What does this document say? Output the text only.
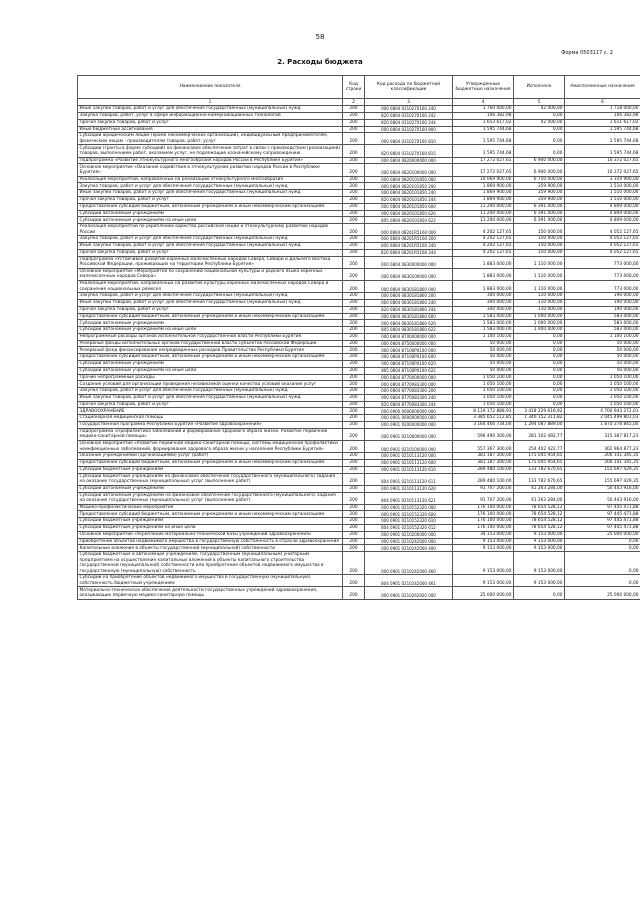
58
Форма 0503117 с. 2
2. Расходы бюджета
Наименование показателя	Код строки	Код расхода по бюджетной классификации	Утвержденные бюджетные назначения	Исполнено	Неисполненные назначения
1	2	3	4	5	6
Иные закупки товаров, работ и услуг для обеспечения государственных (муниципальных) нужд	200	000 0804 0310270160 240	1 760 000,00	42 000,00	1 718 000,00
Закупка товаров, работ, услуг в сфере информационно-коммуникационных технологий	200	820 0804 0310270160 242	106 382,98	0,00	106 382,98
Прочая закупка товаров, работ и услуг	200	820 0804 0310270160 244	1 653 617,02	42 000,00	1 611 617,02
Иные бюджетные ассигнования	200	000 0804 0310270160 800	1 595 744,68	0,00	1 595 744,68
Субсидии юридическим лицам (кроме некоммерческих организаций), индивидуальным предпринимателям, физическим лицам - производителям товаров, работ, услуг	200	000 0804 0310270160 810	1 595 744,68	0,00	1 595 744,68
Субсидии (гранты в форме субсидий) на финансовое обеспечение затрат в связи с производством (реализацией) товаров, выполнением работ, оказанием услуг, не подлежащие казначейскому сопровождению	200	820 0804 0310270160 815	1 595 744,68	0,00	1 595 744,68
Подпрограмма «Развитие этнокультурного многообразия народов России в Республике Бурятия»	200	000 0804 0820000000 000	17 272 027,65	6 900 000,00	10 372 027,65
Основное мероприятие «Оказание содействия в этнокультурном развитии народов России в Республике Бурятия»	200	000 0804 0820100000 000	17 272 027,65	6 900 000,00	10 372 027,65
Реализация мероприятий, направленных на реализацию этнокультурного многообразия	200	000 0804 0820101850 000	10 069 900,00	6 750 000,00	3 319 900,00
Закупка товаров, работ и услуг для обеспечения государственных (муниципальных) нужд	200	000 0804 0820101850 200	1 869 900,00	359 900,00	1 510 000,00
Иные закупки товаров, работ и услуг для обеспечения государственных (муниципальных) нужд	200	000 0804 0820101850 240	1 869 900,00	359 900,00	1 510 000,00
Прочая закупка товаров, работ и услуг	200	820 0804 0820101850 244	1 869 900,00	359 900,00	1 510 000,00
Предоставление субсидий бюджетным, автономным учреждениям и иным некоммерческим организациям	200	000 0804 0820101850 600	11 200 000,00	6 391 000,00	4 809 000,00
Субсидии автономным учреждениям	200	000 0804 0820101850 620	11 200 000,00	6 391 000,00	4 809 000,00
Субсидии автономным учреждениям на иные цели	200	805 0804 0820101850 622	11 200 000,00	6 391 000,00	4 809 000,00
Реализация мероприятий по укреплению единства российской нации и этнокультурному развитию народов России	200	000 0804 08201R5160 000	4 202 127,65	150 000,00	4 052 127,65
Закупка товаров, работ и услуг для обеспечения государственных (муниципальных) нужд	200	000 0804 08201R5160 200	4 202 127,65	150 000,00	4 052 127,65
Иные закупки товаров, работ и услуг для обеспечения государственных (муниципальных) нужд	200	000 0804 08201R5160 240	4 202 127,65	150 000,00	4 052 127,65
Прочая закупка товаров, работ и услуг	200	820 0804 08201R5160 244	4 202 127,65	150 000,00	4 052 127,65
Подпрограмма «Устойчивое развитие коренных малочисленных народов Севера, Сибири и Дальнего Востока Российской Федерации, проживающих на территории Республики Бурятия»	200	000 0804 0830000000 000	1 883 000,00	1 110 000,00	773 000,00
Основное мероприятие «Мероприятия по сохранению национальной культуры и родного языка коренных малочисленных народов Севера»	200	000 0804 0830100000 000	1 883 000,00	1 110 000,00	773 000,00
Реализация мероприятий, направленных на развитие культуры коренных малочисленных народов Севера и сохранение национальных ремесел	200	000 0804 0830181860 000	1 883 000,00	1 110 000,00	773 000,00
Закупка товаров, работ и услуг для обеспечения государственных (муниципальных) нужд	200	000 0804 0830181860 200	300 000,00	110 000,00	190 000,00
Иные закупки товаров, работ и услуг для обеспечения государственных (муниципальных) нужд	200	000 0804 0830181860 240	300 000,00	110 000,00	190 000,00
Прочая закупка товаров, работ и услуг	200	820 0804 0830181860 244	300 000,00	110 000,00	190 000,00
Предоставление субсидий бюджетным, автономным учреждениям и иным некоммерческим организациям	200	000 0804 0830181860 600	1 583 000,00	1 000 000,00	583 000,00
Субсидии автономным учреждениям	200	000 0804 0830181860 620	1 583 000,00	1 000 000,00	583 000,00
Субсидии автономным учреждениям на иные цели	200	805 0804 0830181860 622	1 583 000,00	1 000 000,00	583 000,00
Непрограммные расходы органов исполнительной государственной власти Республики Бурятия	200	000 0804 8700000000 000	1 100 100,00	0,00	1 100 100,00
Резервные фонды исполнительных органов государственной власти субъектов Российской Федерации	200	000 0804 8750000000 000	50 000,00	0,00	50 000,00
Резервный фонд финансирования непредвиденных расходов Правительства Республики Бурятия	200	000 0804 87100P0100 000	50 000,00	0,00	50 000,00
Предоставление субсидий бюджетным, автономным учреждениям и иным некоммерческим организациям	200	000 0804 87100P0100 600	50 000,00	0,00	50 000,00
Субсидии автономным учреждениям	200	000 0804 87100P0100 620	50 000,00	0,00	50 000,00
Субсидии автономным учреждениям на иные цели	200	805 0804 87100P0100 622	50 000,00	0,00	50 000,00
Прочие непрограммные расходы	200	000 0804 8770000000 000	1 050 100,00	0,00	1 050 100,00
Создание условий для организации проведения независимой оценки качества условий оказания услуг	200	000 0804 8770083300 000	1 050 100,00	0,00	1 050 100,00
Закупка товаров, работ и услуг для обеспечения государственных (муниципальных) нужд	200	000 0804 8770083300 200	1 050 100,00	0,00	1 050 100,00
Иные закупки товаров, работ и услуг для обеспечения государственных (муниципальных) нужд	200	000 0804 8770083300 240	1 050 100,00	0,00	1 050 100,00
Прочая закупка товаров, работ и услуг	200	820 0804 8770083300 244	1 050 100,00	0,00	1 050 100,00
ЗДРАВООХРАНЕНИЕ	200	000 0900 0000000000 000	8 119 172 888,93	3 418 229 616,92	4 700 943 272,01
Стационарная медицинская помощь	200	000 0901 0000000000 000	3 385 652 112,85	1 340 152 311,82	2 045 499 801,03
Государственная программа Республики Бурятия «Развитие здравоохранения»	200	000 0901 0200000000 000	3 164 466 734,00	1 294 087 889,00	1 870 378 845,00
Подпрограмма «Профилактика заболеваний и формирование здорового образа жизни. Развитие первичной медико-санитарной помощи»	200	000 0901 0210000000 000	596 490 300,00	281 102 482,77	315 387 817,23
Основное мероприятие «Развитие первичной медико-санитарной помощи, системы медицинской профилактики неинфекционных заболеваний, формирование здорового образа жизни у населения Республики Бурятия»	200	000 0901 0210100000 000	557 367 300,00	254 402 422,77	302 964 877,23
Оказание учреждениями (организациями) услуг (работ)	200	000 0901 0210113120 000	381 187 300,00	175 045 954,65	206 141 345,35
Предоставление субсидий бюджетным, автономным учреждениям и иным некоммерческим организациям	200	000 0901 0210113120 600	381 187 300,00	175 045 954,65	206 141 345,35
Субсидии бюджетным учреждениям	200	000 0901 0210113120 610	289 480 100,00	133 782 670,65	155 697 429,35
Субсидии бюджетным учреждениям на финансовое обеспечение государственного (муниципального) задания на оказание государственных (муниципальных) услуг (выполнение работ)	200	804 0901 0210113120 611	289 480 100,00	133 782 670,65	155 697 429,35
Субсидии автономным учреждениям	200	000 0901 0210113120 620	91 707 200,00	41 263 284,00	50 443 916,00
Субсидии автономным учреждениям на финансовое обеспечение государственного (муниципального) задания на оказание государственных (муниципальных) услуг (выполнение работ)	200	804 0901 0210113120 621	91 707 200,00	41 263 284,00	50 443 916,00
Медико-профилактические мероприятия	200	000 0901 0210152320 000	176 100 000,00	78 654 528,12	97 445 471,88
Предоставление субсидий бюджетным, автономным учреждениям и иным некоммерческим организациям	200	000 0901 0210152320 600	176 100 000,00	78 654 528,12	97 445 471,88
Субсидии бюджетным учреждениям	200	000 0901 0210152320 610	176 100 000,00	78 654 528,12	97 445 471,88
Субсидии бюджетным учреждениям на иные цели	200	804 0901 0210152320 612	176 100 000,00	78 654 528,12	97 445 471,88
Основное мероприятие «Укрепление материально-технической базы учреждений здравоохранения»	200	000 0901 0210200000 000	34 153 000,00	9 153 000,00	25 000 000,00
Приобретение объектов недвижимого имущества в государственную собственность в отрасли здравоохранения	200	000 0901 0210242000 000	9 153 000,00	9 153 000,00	0,00
Капитальные вложения в объекты государственной (муниципальной) собственности	200	000 0901 0210242000 400	9 153 000,00	9 153 000,00	0,00
Субсидии бюджетным и автономным учреждениям, государственным (муниципальным) унитарным предприятиям на осуществление капитальных вложений в объекты капитального строительства государственной (муниципальной) собственности или приобретение объектов недвижимого имущества в государственную (муниципальную) собственность	200	000 0901 0210242000 460	9 153 000,00	9 153 000,00	0,00
Субсидии на приобретение объектов недвижимого имущества в государственную (муниципальную) собственность бюджетным учреждениям	200	804 0901 0210242000 461	9 153 000,00	9 153 000,00	0,00
Материально-техническое обеспечение деятельности государственных учреждений здравоохранения, оказывающих первичную медико-санитарную помощь	200	000 0901 0210262920 000	25 000 000,00	0,00	25 000 000,00
